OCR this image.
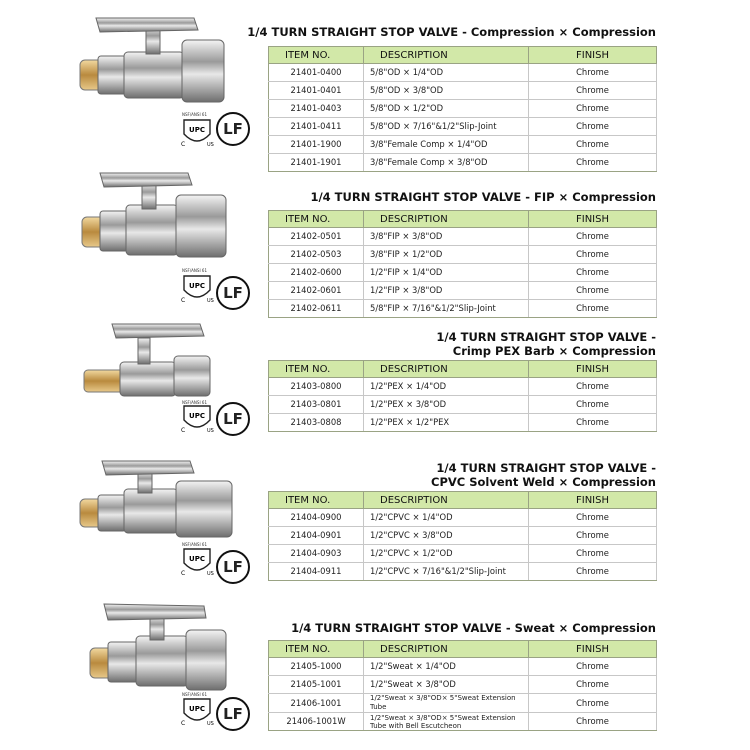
NSF/ANSI 61
UPC
C	US
LF
1/4 TURN STRAIGHT STOP VALVE - Compression × Compression
ITEM NO.	DESCRIPTION	FINISH
21401-0400	5/8"OD × 1/4"OD	Chrome
21401-0401	5/8"OD × 3/8"OD	Chrome
21401-0403	5/8"OD × 1/2"OD	Chrome
21401-0411	5/8"OD × 7/16"&1/2"Slip-Joint	Chrome
21401-1900	3/8"Female Comp × 1/4"OD	Chrome
21401-1901	3/8"Female Comp × 3/8"OD	Chrome
NSF/ANSI 61
UPC
C	US LF
1/4 TURN STRAIGHT STOP VALVE - FIP × Compression
ITEM NO.	DESCRIPTION	FINISH
21402-0501	3/8"FIP × 3/8"OD	Chrome
21402-0503	3/8"FIP × 1/2"OD	Chrome
21402-0600	1/2"FIP × 1/4"OD	Chrome
21402-0601	1/2"FIP × 3/8"OD	Chrome
21402-0611	5/8"FIP × 7/16"&1/2"Slip-Joint	Chrome
NSF/ANSI 61
UPC
C	US
LF
1/4 TURN STRAIGHT STOP VALVE -
Crimp PEX Barb × Compression
ITEM NO.	DESCRIPTION	FINISH
21403-0800	1/2"PEX × 1/4"OD	Chrome
21403-0801	1/2"PEX × 3/8"OD	Chrome
21403-0808	1/2"PEX × 1/2"PEX	Chrome
NSF/ANSI 61
UPC
C	US LF
1/4 TURN STRAIGHT STOP VALVE -
CPVC Solvent Weld × Compression
ITEM NO.	DESCRIPTION	FINISH
21404-0900	1/2"CPVC × 1/4"OD	Chrome
21404-0901	1/2"CPVC × 3/8"OD	Chrome
21404-0903	1/2"CPVC × 1/2"OD	Chrome
21404-0911	1/2"CPVC × 7/16"&1/2"Slip-Joint	Chrome
NSF/ANSI 61
UPC
C	US
LF
1/4 TURN STRAIGHT STOP VALVE - Sweat × Compression
ITEM NO.	DESCRIPTION	FINISH
21405-1000	1/2"Sweat × 1/4"OD	Chrome
21405-1001	1/2"Sweat × 3/8"OD	Chrome
21406-1001	1/2"Sweat × 3/8"OD× 5"Sweat Extension Tube	Chrome
21406-1001W	1/2"Sweat × 3/8"OD× 5"Sweat Extension Tube with Bell Escutcheon	Chrome
